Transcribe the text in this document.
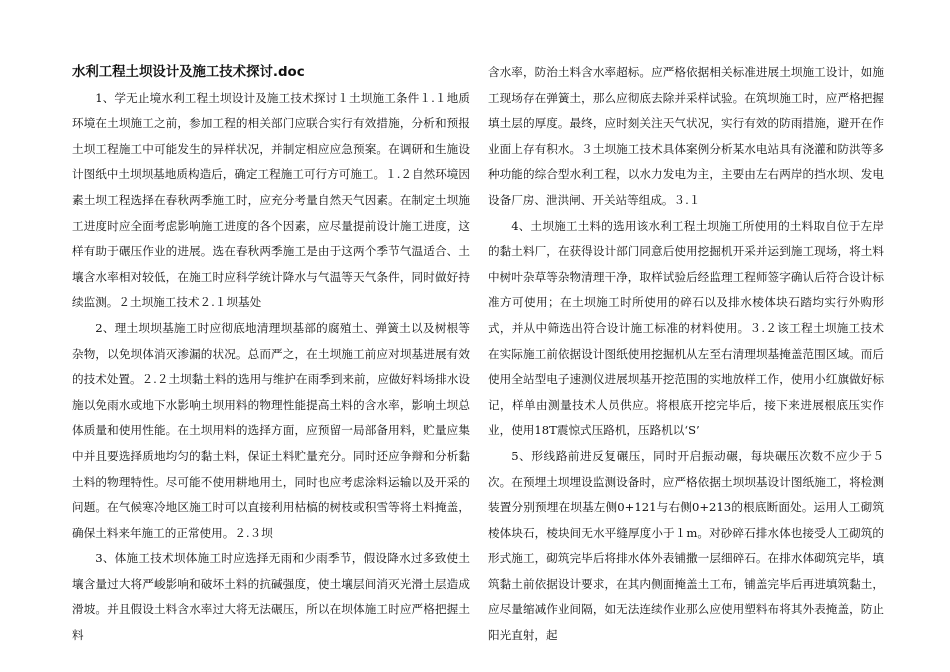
水利工程土坝设计及施工技术探讨.doc

1、学无止境水利工程土坝设计及施工技术探讨１土坝施工条件１.１地质环境在土坝施工之前，参加工程的相关部门应联合实行有效措施，分析和预报土坝工程施工中可能发生的异样状况，并制定相应应急预案。在调研和生施设计图纸中土坝坝基地质构造后，确定工程施工可行方可施工。１.２自然环境因素土坝工程选择在春秋两季施工时，应充分考量自然天气因素。在制定土坝施工进度时应全面考虑影响施工进度的各个因素，应尽量提前设计施工进度，这样有助于碾压作业的进展。选在春秋两季施工是由于这两个季节气温适合、土壤含水率相对较低，在施工时应科学统计降水与气温等天气条件，同时做好持续监测。２土坝施工技术２.１坝基处

2、理土坝坝基施工时应彻底地清理坝基部的腐殖土、弹簧土以及树根等杂物，以免坝体消灭渗漏的状况。总而严之，在土坝施工前应对坝基进展有效的技术处置。２.２土坝黏土料的选用与维护在雨季到来前，应做好料场排水设施以免雨水或地下水影响土坝用料的物理性能提高土料的含水率，影响土坝总体质量和使用性能。在土坝用料的选择方面，应预留一局部备用料，贮量应集中并且要选择质地均匀的黏土料，保证土料贮量充分。同时还应争辩和分析黏土料的物理特性。尽可能不使用耕地用土，同时也应考虑涂料运输以及开采的问题。在气候寒冷地区施工时可以直接利用枯槁的树枝或积雪等将土料掩盖，确保土料来年施工的正常使用。２.３坝

3、体施工技术坝体施工时应选择无雨和少雨季节，假设降水过多致使土壤含量过大将严峻影响和破坏土料的抗碱强度，使土壤层间消灭光滑土层造成滑坡。并且假设土料含水率过大将无法碾压，所以在坝体施工时应严格把握土料

含水率，防治土料含水率超标。应严格依据相关标准进展土坝施工设计，如施工现场存在弹簧土，那么应彻底去除并采样试验。在筑坝施工时，应严格把握填土层的厚度。最终，应时刻关注天气状况，实行有效的防雨措施，避开在作业面上存有积水。３土坝施工技术具体案例分析某水电站具有浇灌和防洪等多种功能的综合型水利工程，以水力发电为主，主要由左右两岸的挡水坝、发电设备厂房、泄洪闸、开关站等组成。３.１

4、土坝施工土料的选用该水利工程土坝施工所使用的土料取自位于左岸的黏土料厂，在获得设计部门同意后使用挖掘机开采并运到施工现场，将土料中树叶杂草等杂物清理干净，取样试验后经监理工程师签字确认后符合设计标准方可使用；在土坝施工时所使用的碎石以及排水棱体块石踏均实行外购形式，并从中筛选出符合设计施工标准的材料使用。３.２该工程土坝施工技术在实际施工前依据设计图纸使用挖掘机从左至右清理坝基掩盖范围区域。而后使用全站型电子速测仪进展坝基开挖范围的实地放样工作，使用小红旗做好标记，样单由测量技术人员供应。将根底开挖完毕后，接下来进展根底压实作业，使用18T震惊式压路机，压路机以‘S’

5、形线路前进反复碾压，同时开启振动碾，每块碾压次数不应少于５次。在预埋土坝埋设监测设备时，应严格依据土坝坝基设计图纸施工，将检测装置分别预埋在坝基左侧0+121与右侧0+213的根底断面处。运用人工砌筑棱体块石，棱块间无水平缝厚度小于１m。对砂碎石排水体也接受人工砌筑的形式施工，砌筑完毕后将排水体外表铺撒一层细碎石。在排水体砌筑完毕，填筑黏土前依据设计要求，在其内侧面掩盖土工布，铺盖完毕后再进填筑黏土，应尽量缩减作业间隔，如无法连续作业那么应使用塑料布将其外表掩盖，防止阳光直射，起
